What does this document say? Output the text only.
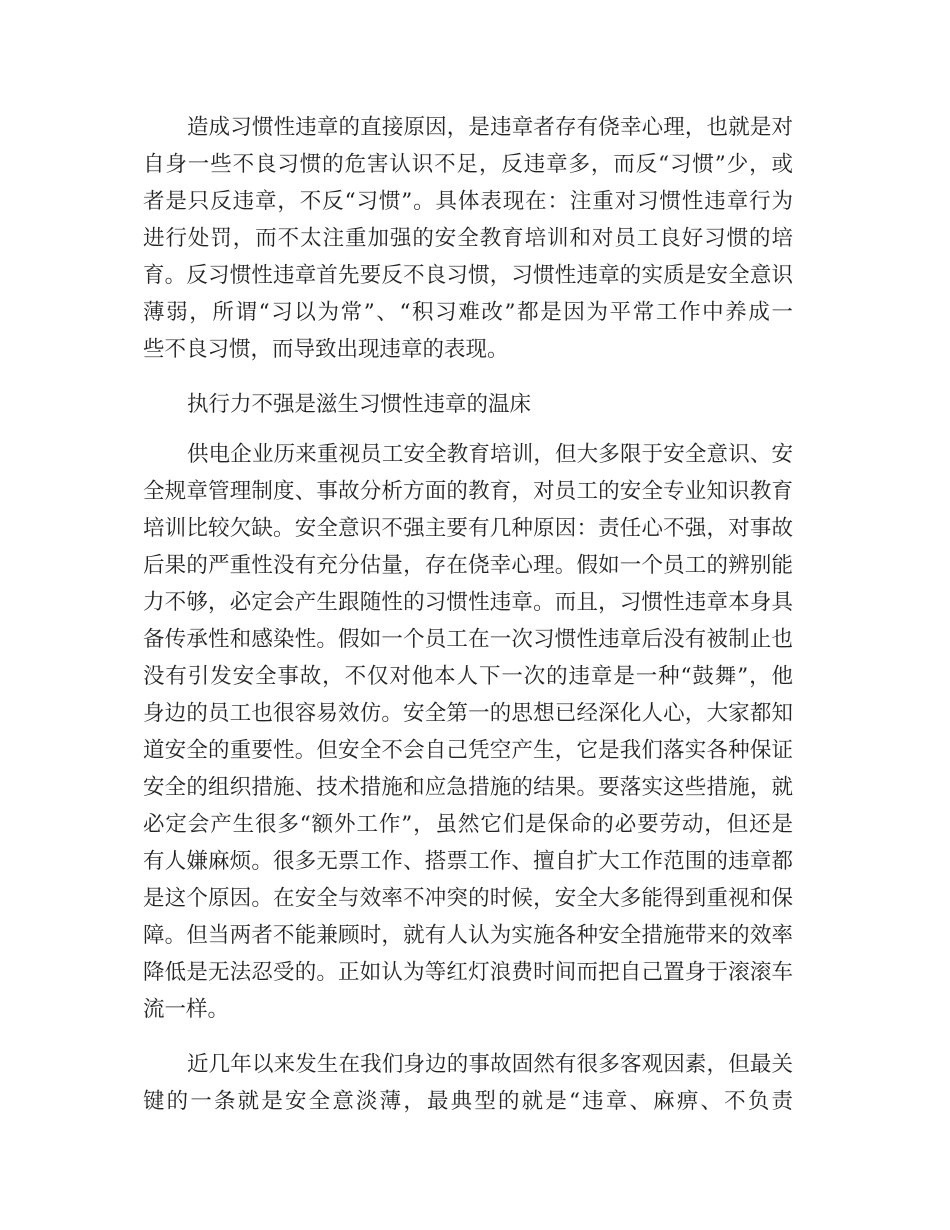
造成习惯性违章的直接原因，是违章者存有侥幸心理，也就是对
自身一些不良习惯的危害认识不足，反违章多，而反“习惯”少，或
者是只反违章，不反“习惯”。具体表现在：注重对习惯性违章行为
进行处罚，而不太注重加强的安全教育培训和对员工良好习惯的培
育。反习惯性违章首先要反不良习惯，习惯性违章的实质是安全意识
薄弱，所谓“习以为常”、“积习难改”都是因为平常工作中养成一
些不良习惯，而导致出现违章的表现。
执行力不强是滋生习惯性违章的温床
供电企业历来重视员工安全教育培训，但大多限于安全意识、安
全规章管理制度、事故分析方面的教育，对员工的安全专业知识教育
培训比较欠缺。安全意识不强主要有几种原因：责任心不强，对事故
后果的严重性没有充分估量，存在侥幸心理。假如一个员工的辨别能
力不够，必定会产生跟随性的习惯性违章。而且，习惯性违章本身具
备传承性和感染性。假如一个员工在一次习惯性违章后没有被制止也
没有引发安全事故，不仅对他本人下一次的违章是一种“鼓舞”，他
身边的员工也很容易效仿。安全第一的思想已经深化人心，大家都知
道安全的重要性。但安全不会自己凭空产生，它是我们落实各种保证
安全的组织措施、技术措施和应急措施的结果。要落实这些措施，就
必定会产生很多“额外工作”，虽然它们是保命的必要劳动，但还是
有人嫌麻烦。很多无票工作、搭票工作、擅自扩大工作范围的违章都
是这个原因。在安全与效率不冲突的时候，安全大多能得到重视和保
障。但当两者不能兼顾时，就有人认为实施各种安全措施带来的效率
降低是无法忍受的。正如认为等红灯浪费时间而把自己置身于滚滚车
流一样。
近几年以来发生在我们身边的事故固然有很多客观因素，但最关
键的一条就是安全意淡薄，最典型的就是“违章、麻痹、不负责
